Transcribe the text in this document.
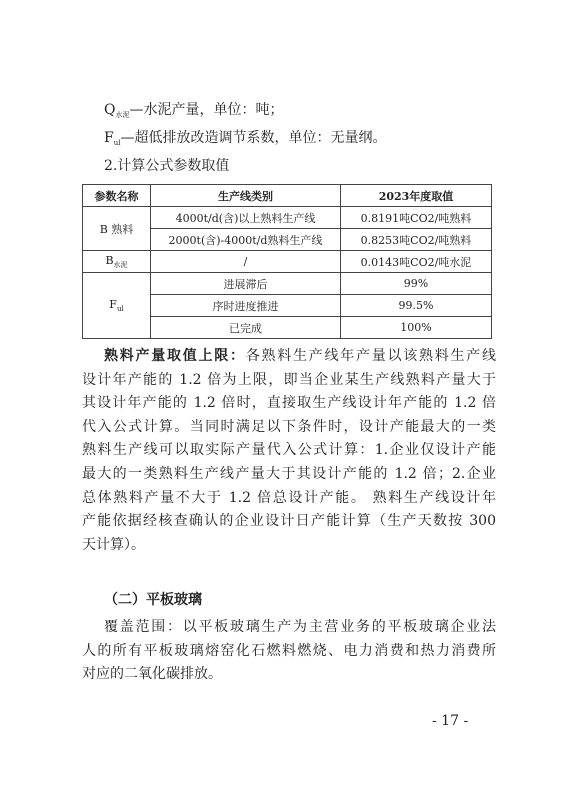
$Q_{水泥}—$水泥产量，单位：吨；
$F_{ul}—$超低排放改造调节系数，单位：无量纲。
2.计算公式参数取值
参数名称	生产线类别	2023年度取值
B 熟料	4000t/d(含)以上熟料生产线	0.8191吨CO2/吨熟料
	2000t(含)-4000t/d熟料生产线	0.8253吨CO2/吨熟料
$B_{水泥}$	/	0.0143吨CO2/吨水泥
$F_{ul}$	进展滞后	99%
	序时进度推进	99.5%
	已完成	100%

熟料产量取值上限：各熟料生产线年产量以该熟料生产线

设计年产能的 1.2 倍为上限，即当企业某生产线熟料产量大于

其设计年产能的 1.2 倍时，直接取生产线设计年产能的 1.2 倍

代入公式计算。当同时满足以下条件时，设计产能最大的一类

熟料生产线可以取实际产量代入公式计算：1.企业仅设计产能

最大的一类熟料生产线产量大于其设计产能的 1.2 倍；2.企业

总体熟料产量不大于 1.2 倍总设计产能。 熟料生产线设计年

产能依据经核查确认的企业设计日产能计算（生产天数按 300

天计算）。

（二）平板玻璃

覆盖范围：以平板玻璃生产为主营业务的平板玻璃企业法

人的所有平板玻璃熔窑化石燃料燃烧、电力消费和热力消费所

对应的二氧化碳排放。

- 17 -
